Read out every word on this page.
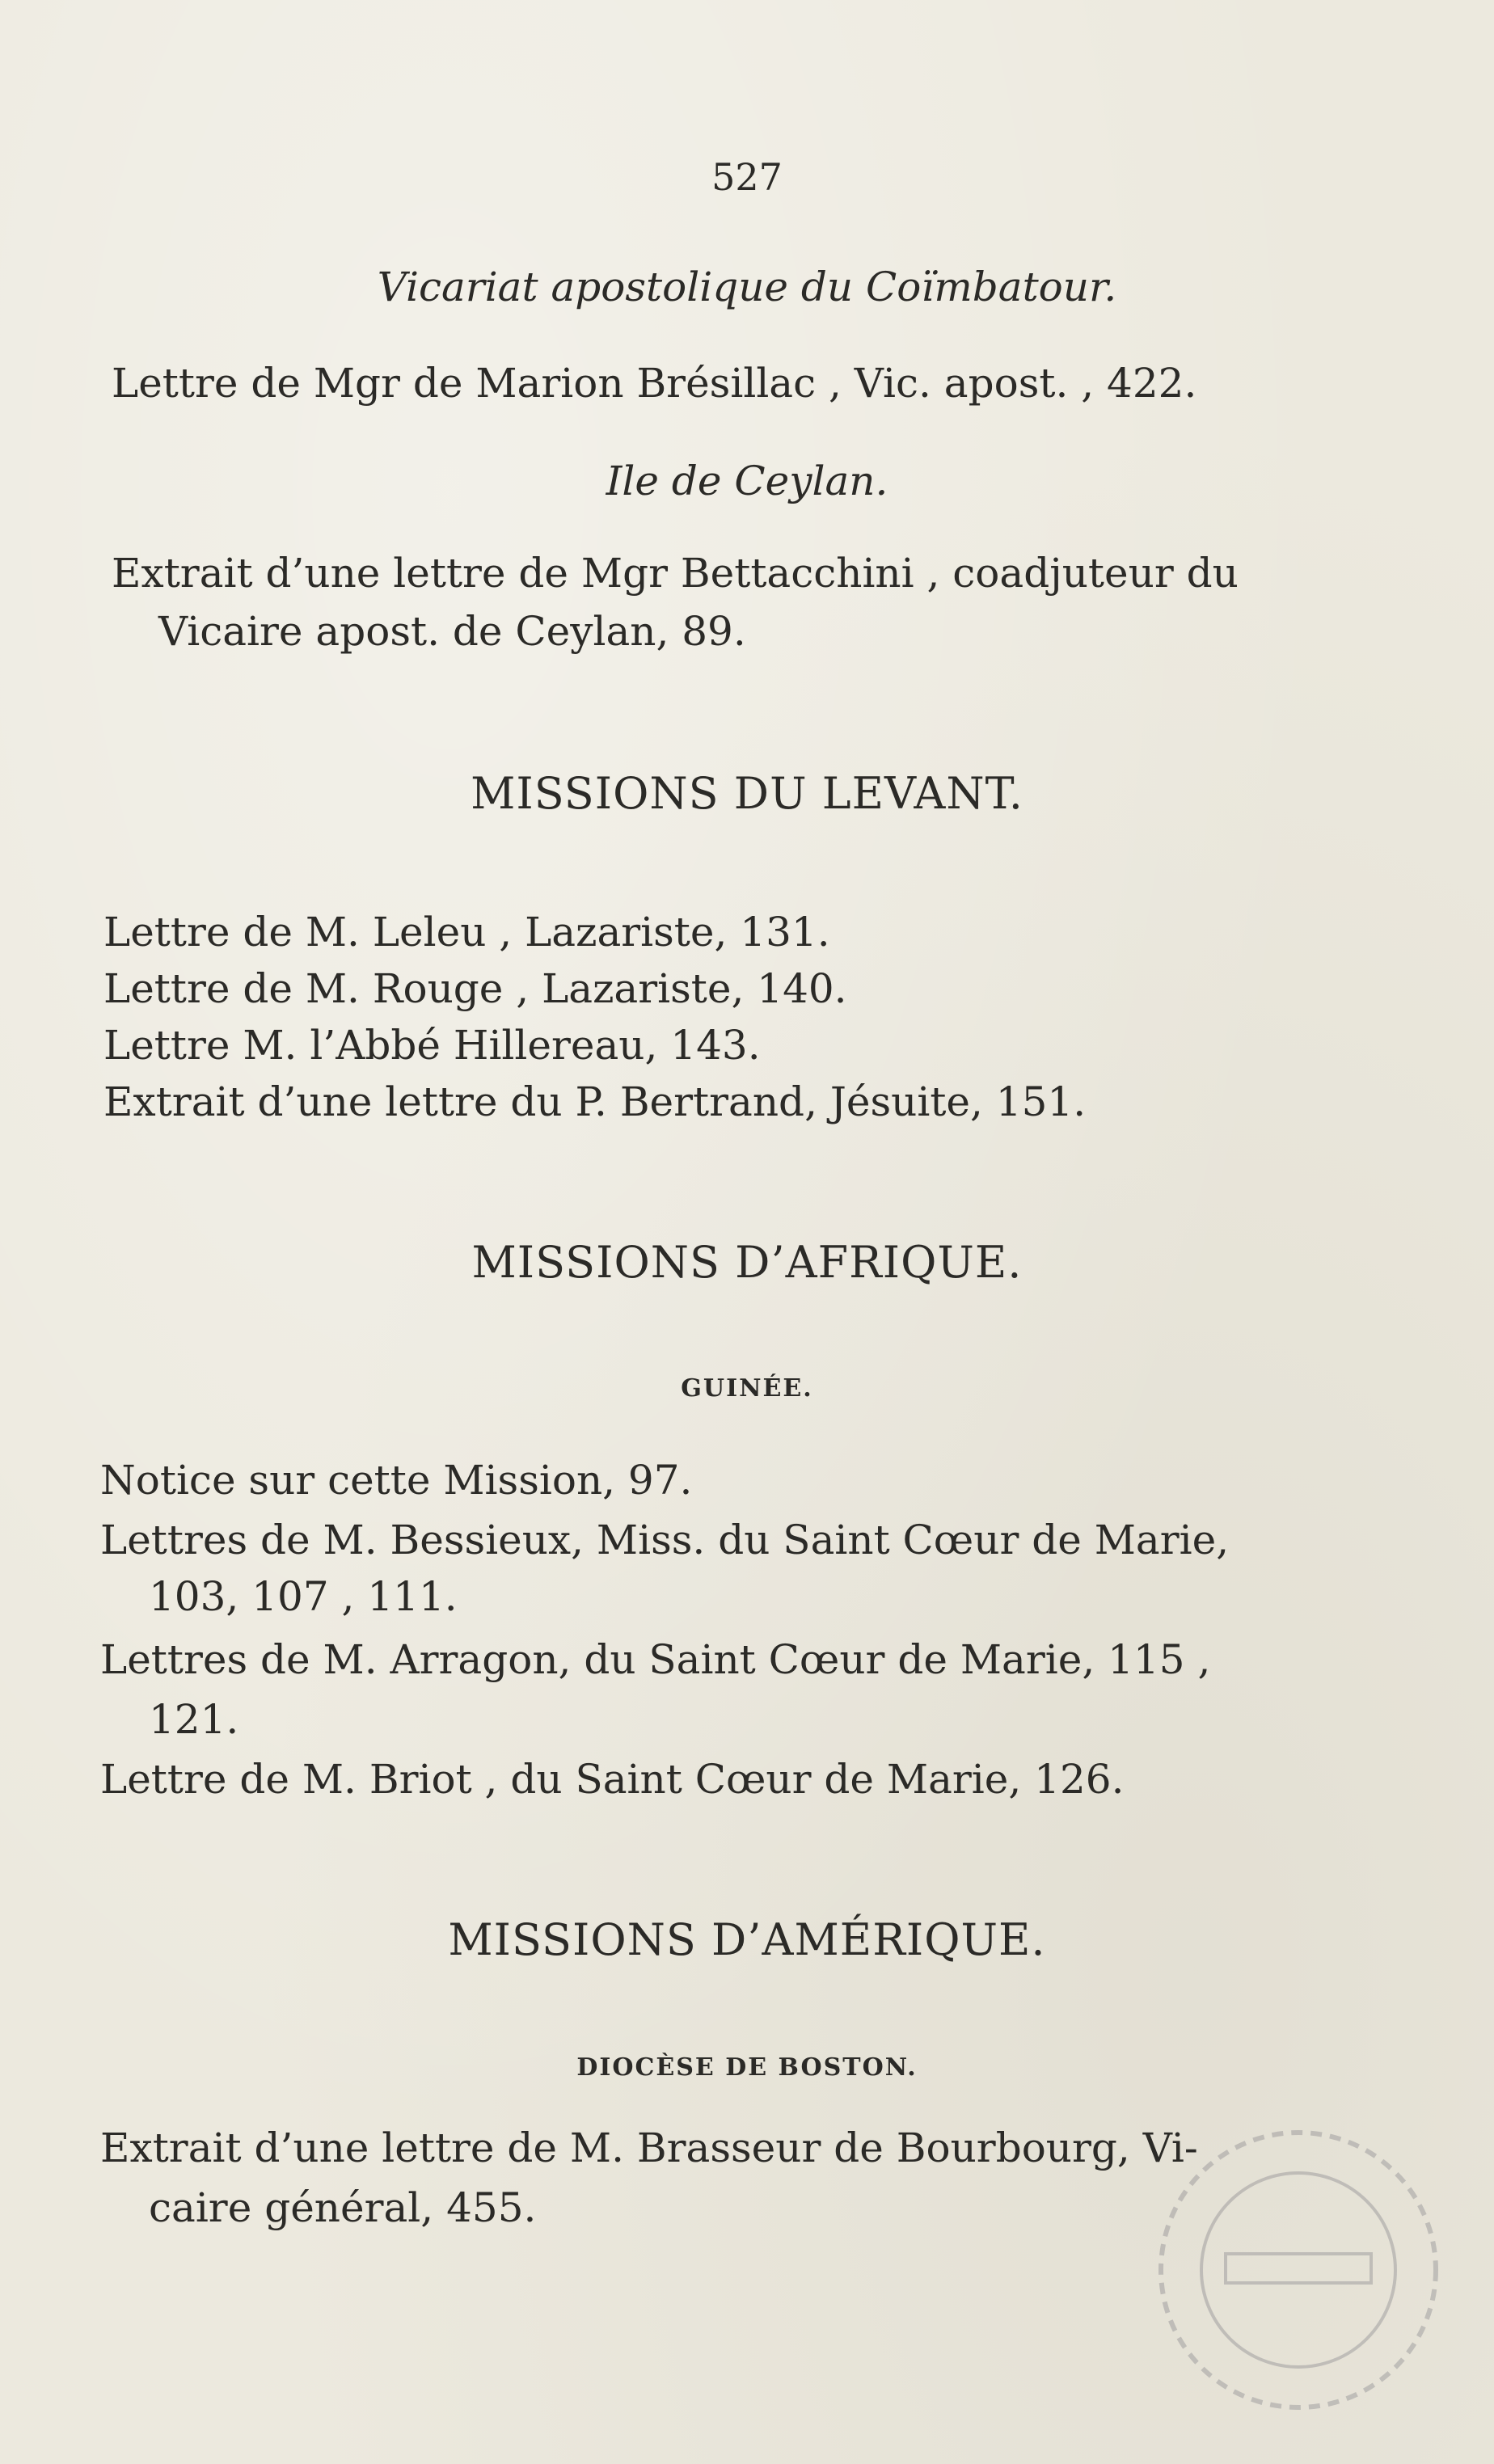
527
Vicariat apostolique du Coïmbatour.
Lettre de Mgr de Marion Brésillac , Vic. apost. , 422.
Ile de Ceylan.
Extrait d’une lettre de Mgr Bettacchini , coadjuteur du
Vicaire apost. de Ceylan, 89.
MISSIONS DU LEVANT.
Lettre de M. Leleu , Lazariste, 131.
Lettre de M. Rouge , Lazariste, 140.
Lettre M. l’Abbé Hillereau, 143.
Extrait d’une lettre du P. Bertrand, Jésuite, 151.
MISSIONS D’AFRIQUE.
GUINÉE.
Notice sur cette Mission, 97.
Lettres de M. Bessieux, Miss. du Saint Cœur de Marie,
103, 107 , 111.
Lettres de M. Arragon, du Saint Cœur de Marie, 115 ,
121.
Lettre de M. Briot , du Saint Cœur de Marie, 126.
MISSIONS D’AMÉRIQUE.
DIOCÈSE DE BOSTON.
Extrait d’une lettre de M. Brasseur de Bourbourg, Vi-
caire général, 455.
